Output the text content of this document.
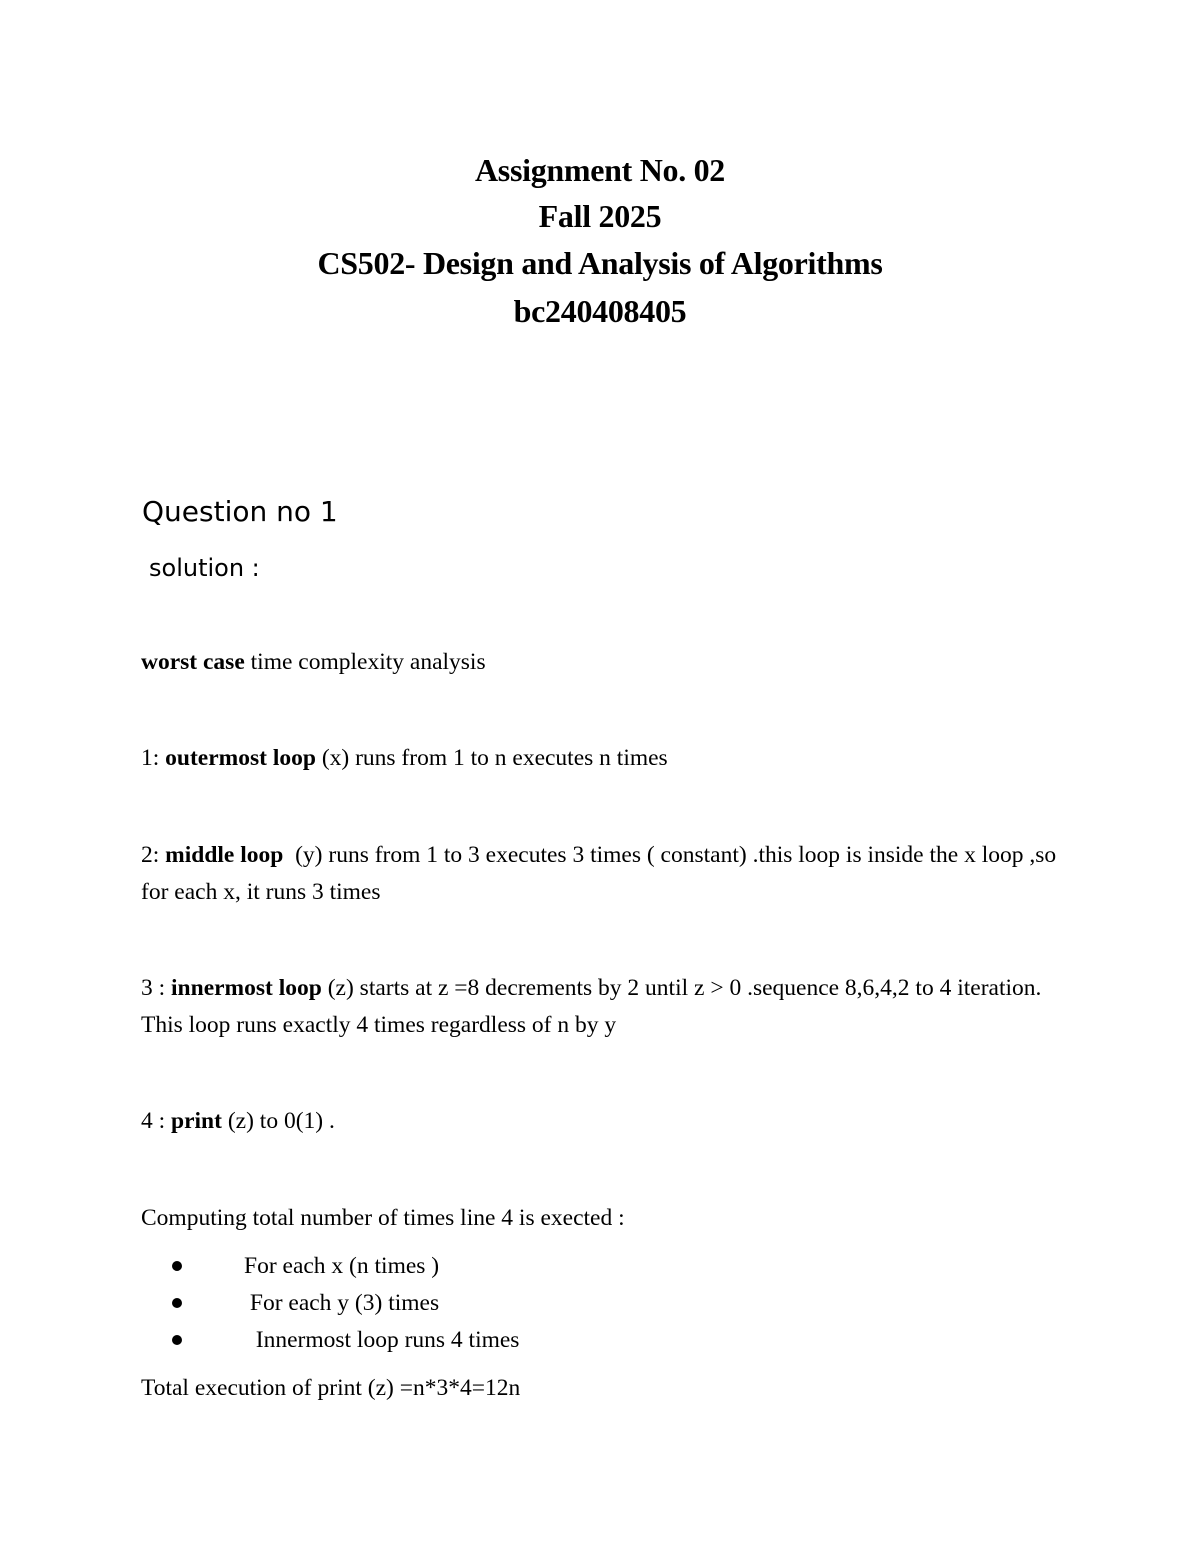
Assignment No. 02
Fall 2025
CS502- Design and Analysis of Algorithms
bc240408405
Question no 1
solution :
worst case time complexity analysis
1: outermost loop (x) runs from 1 to n executes n times
2: middle loop  (y) runs from 1 to 3 executes 3 times ( constant) .this loop is inside the x loop ,so for each x, it runs 3 times
3 : innermost loop (z) starts at z =8 decrements by 2 until z > 0 .sequence 8,6,4,2 to 4 iteration. This loop runs exactly 4 times regardless of n by y
4 : print (z) to 0(1) .
Computing total number of times line 4 is exected :
For each x (n times )
For each y (3) times
Innermost loop runs 4 times
Total execution of print (z) =n*3*4=12n
